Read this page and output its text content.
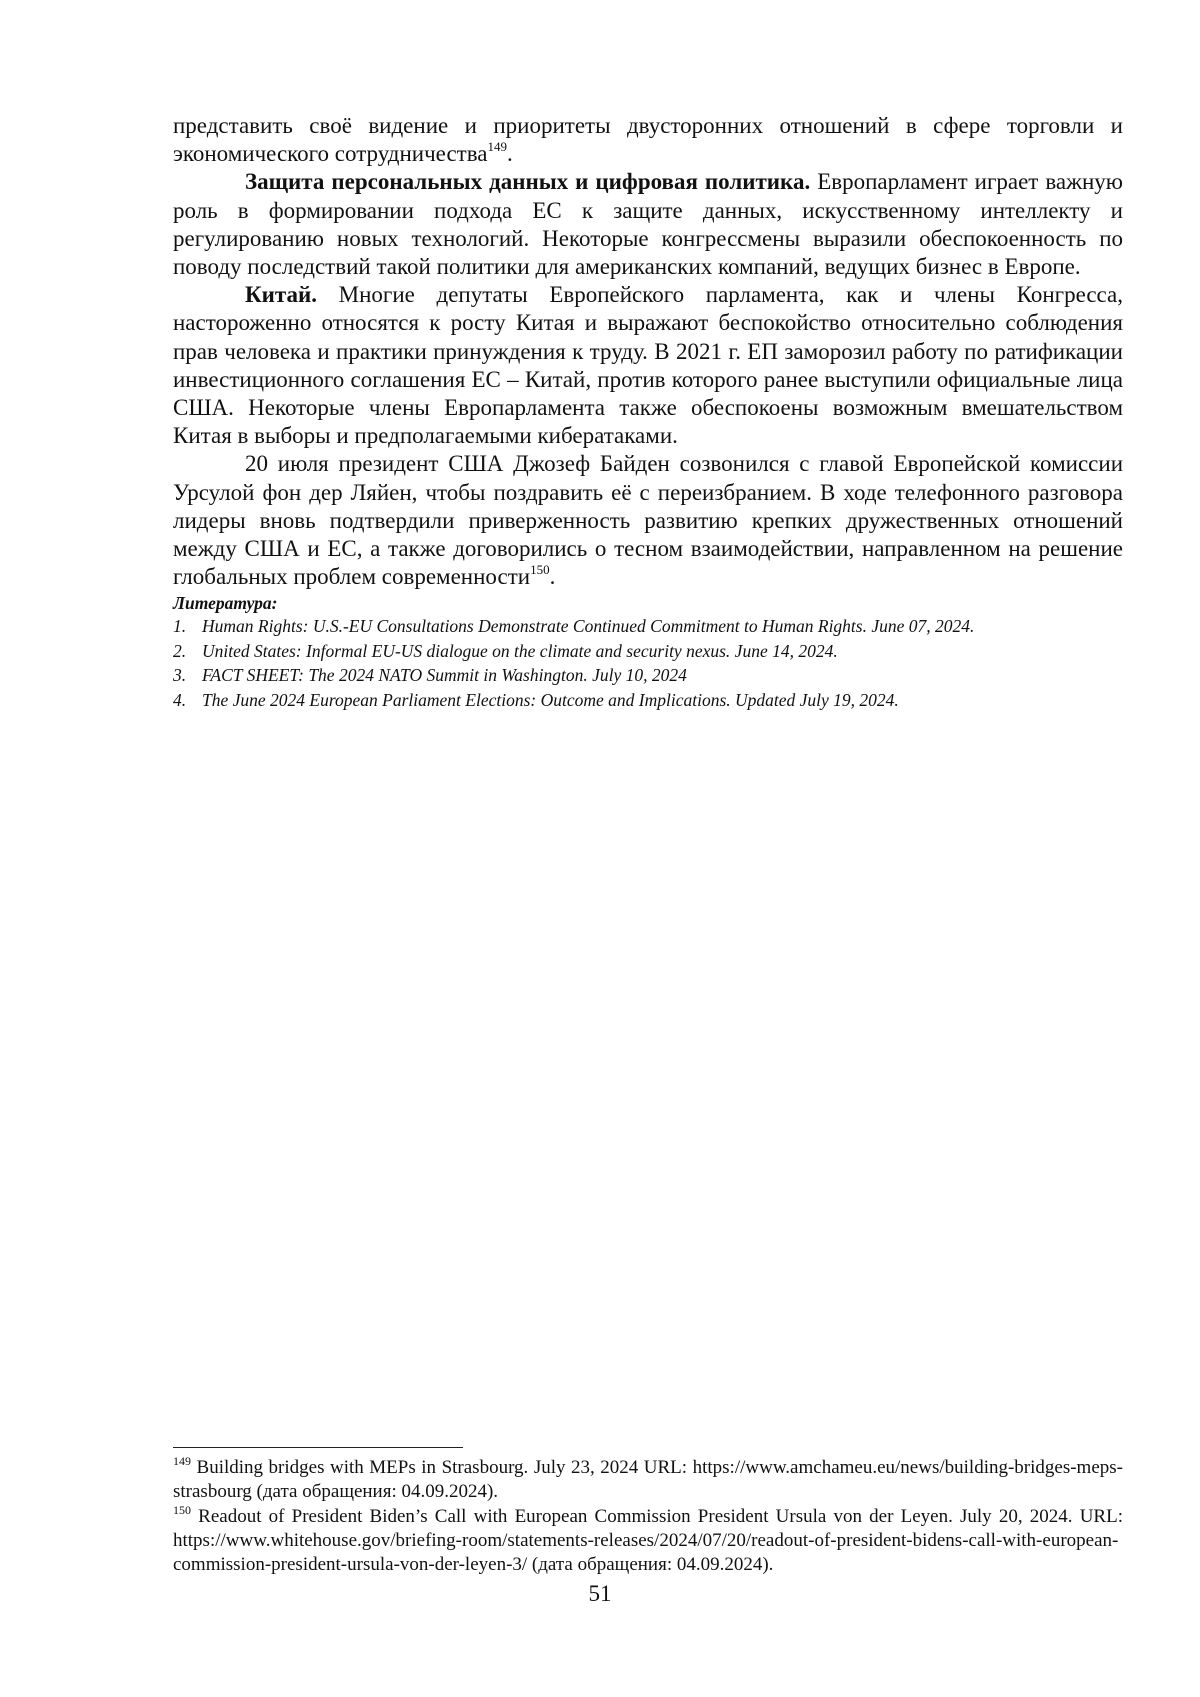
представить своё видение и приоритеты двусторонних отношений в сфере торговли и экономического сотрудничества$^{149}$.

Защита персональных данных и цифровая политика. Европарламент играет важную роль в формировании подхода ЕС к защите данных, искусственному интеллекту и регулированию новых технологий. Некоторые конгрессмены выразили обеспокоенность по поводу последствий такой политики для американских компаний, ведущих бизнес в Европе.

Китай. Многие депутаты Европейского парламента, как и члены Конгресса, настороженно относятся к росту Китая и выражают беспокойство относительно соблюдения прав человека и практики принуждения к труду. В 2021 г. ЕП заморозил работу по ратификации инвестиционного соглашения ЕС – Китай, против которого ранее выступили официальные лица США. Некоторые члены Европарламента также обеспокоены возможным вмешательством Китая в выборы и предполагаемыми кибератаками.

20 июля президент США Джозеф Байден созвонился с главой Европейской комиссии Урсулой фон дер Ляйен, чтобы поздравить её с переизбранием. В ходе телефонного разговора лидеры вновь подтвердили приверженность развитию крепких дружественных отношений между США и ЕС, а также договорились о тесном взаимодействии, направленном на решение глобальных проблем современности$^{150}$.

Литература:
1. Human Rights: U.S.-EU Consultations Demonstrate Continued Commitment to Human Rights. June 07, 2024.
2. United States: Informal EU-US dialogue on the climate and security nexus. June 14, 2024.
3. FACT SHEET: The 2024 NATO Summit in Washington. July 10, 2024
4. The June 2024 European Parliament Elections: Outcome and Implications. Updated July 19, 2024.

$^{149}$ Building bridges with MEPs in Strasbourg. July 23, 2024 URL: https://www.amchameu.eu/news/building-bridges-meps-strasbourg (дата обращения: 04.09.2024).

$^{150}$ Readout of President Biden’s Call with European Commission President Ursula von der Leyen. July 20, 2024. URL: https://www.whitehouse.gov/briefing-room/statements-releases/2024/07/20/readout-of-president-bidens-call-with-european-commission-president-ursula-von-der-leyen-3/ (дата обращения: 04.09.2024).

51
